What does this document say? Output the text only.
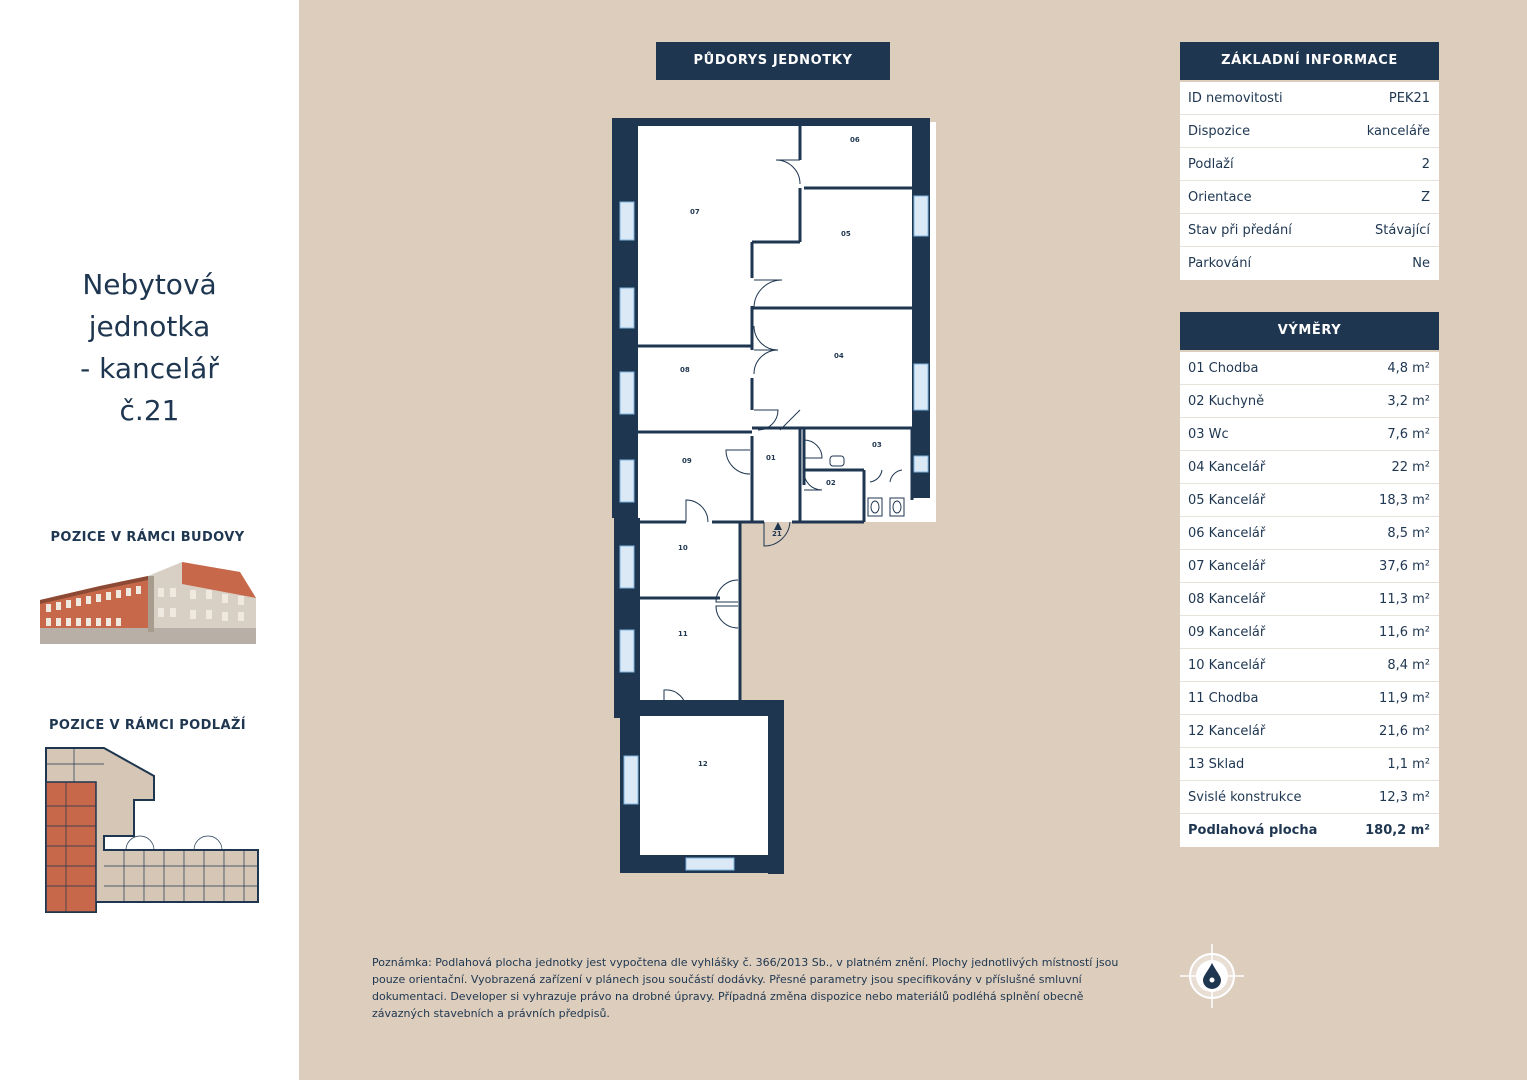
Nebytová
jednotka
- kancelář
č.21
POZICE V RÁMCI BUDOVY
POZICE V RÁMCI PODLAŽÍ
PŮDORYS JEDNOTKY
21
06
07
05
04
08
03
01
02
09
10
11
12
ZÁKLADNÍ INFORMACE
ID nemovitosti	PEK21
Dispozice	kanceláře
Podlaží	2
Orientace	Z
Stav při předání	Stávající
Parkování	Ne
VÝMĚRY
01 Chodba	4,8 m²
02 Kuchyně	3,2 m²
03 Wc	7,6 m²
04 Kancelář	22 m²
05 Kancelář	18,3 m²
06 Kancelář	8,5 m²
07 Kancelář	37,6 m²
08 Kancelář	11,3 m²
09 Kancelář	11,6 m²
10 Kancelář	8,4 m²
11 Chodba	11,9 m²
12 Kancelář	21,6 m²
13 Sklad	1,1 m²
Svislé konstrukce	12,3 m²
Podlahová plocha	180,2 m²
Poznámka: Podlahová plocha jednotky jest vypočtena dle vyhlášky č. 366/2013 Sb., v platném znění. Plochy jednotlivých místností jsou pouze orientační. Vyobrazená zařízení v plánech jsou součástí dodávky. Přesné parametry jsou specifikovány v příslušné smluvní dokumentaci. Developer si vyhrazuje právo na drobné úpravy. Případná změna dispozice nebo materiálů podléhá splnění obecně závazných stavebních a právních předpisů.
